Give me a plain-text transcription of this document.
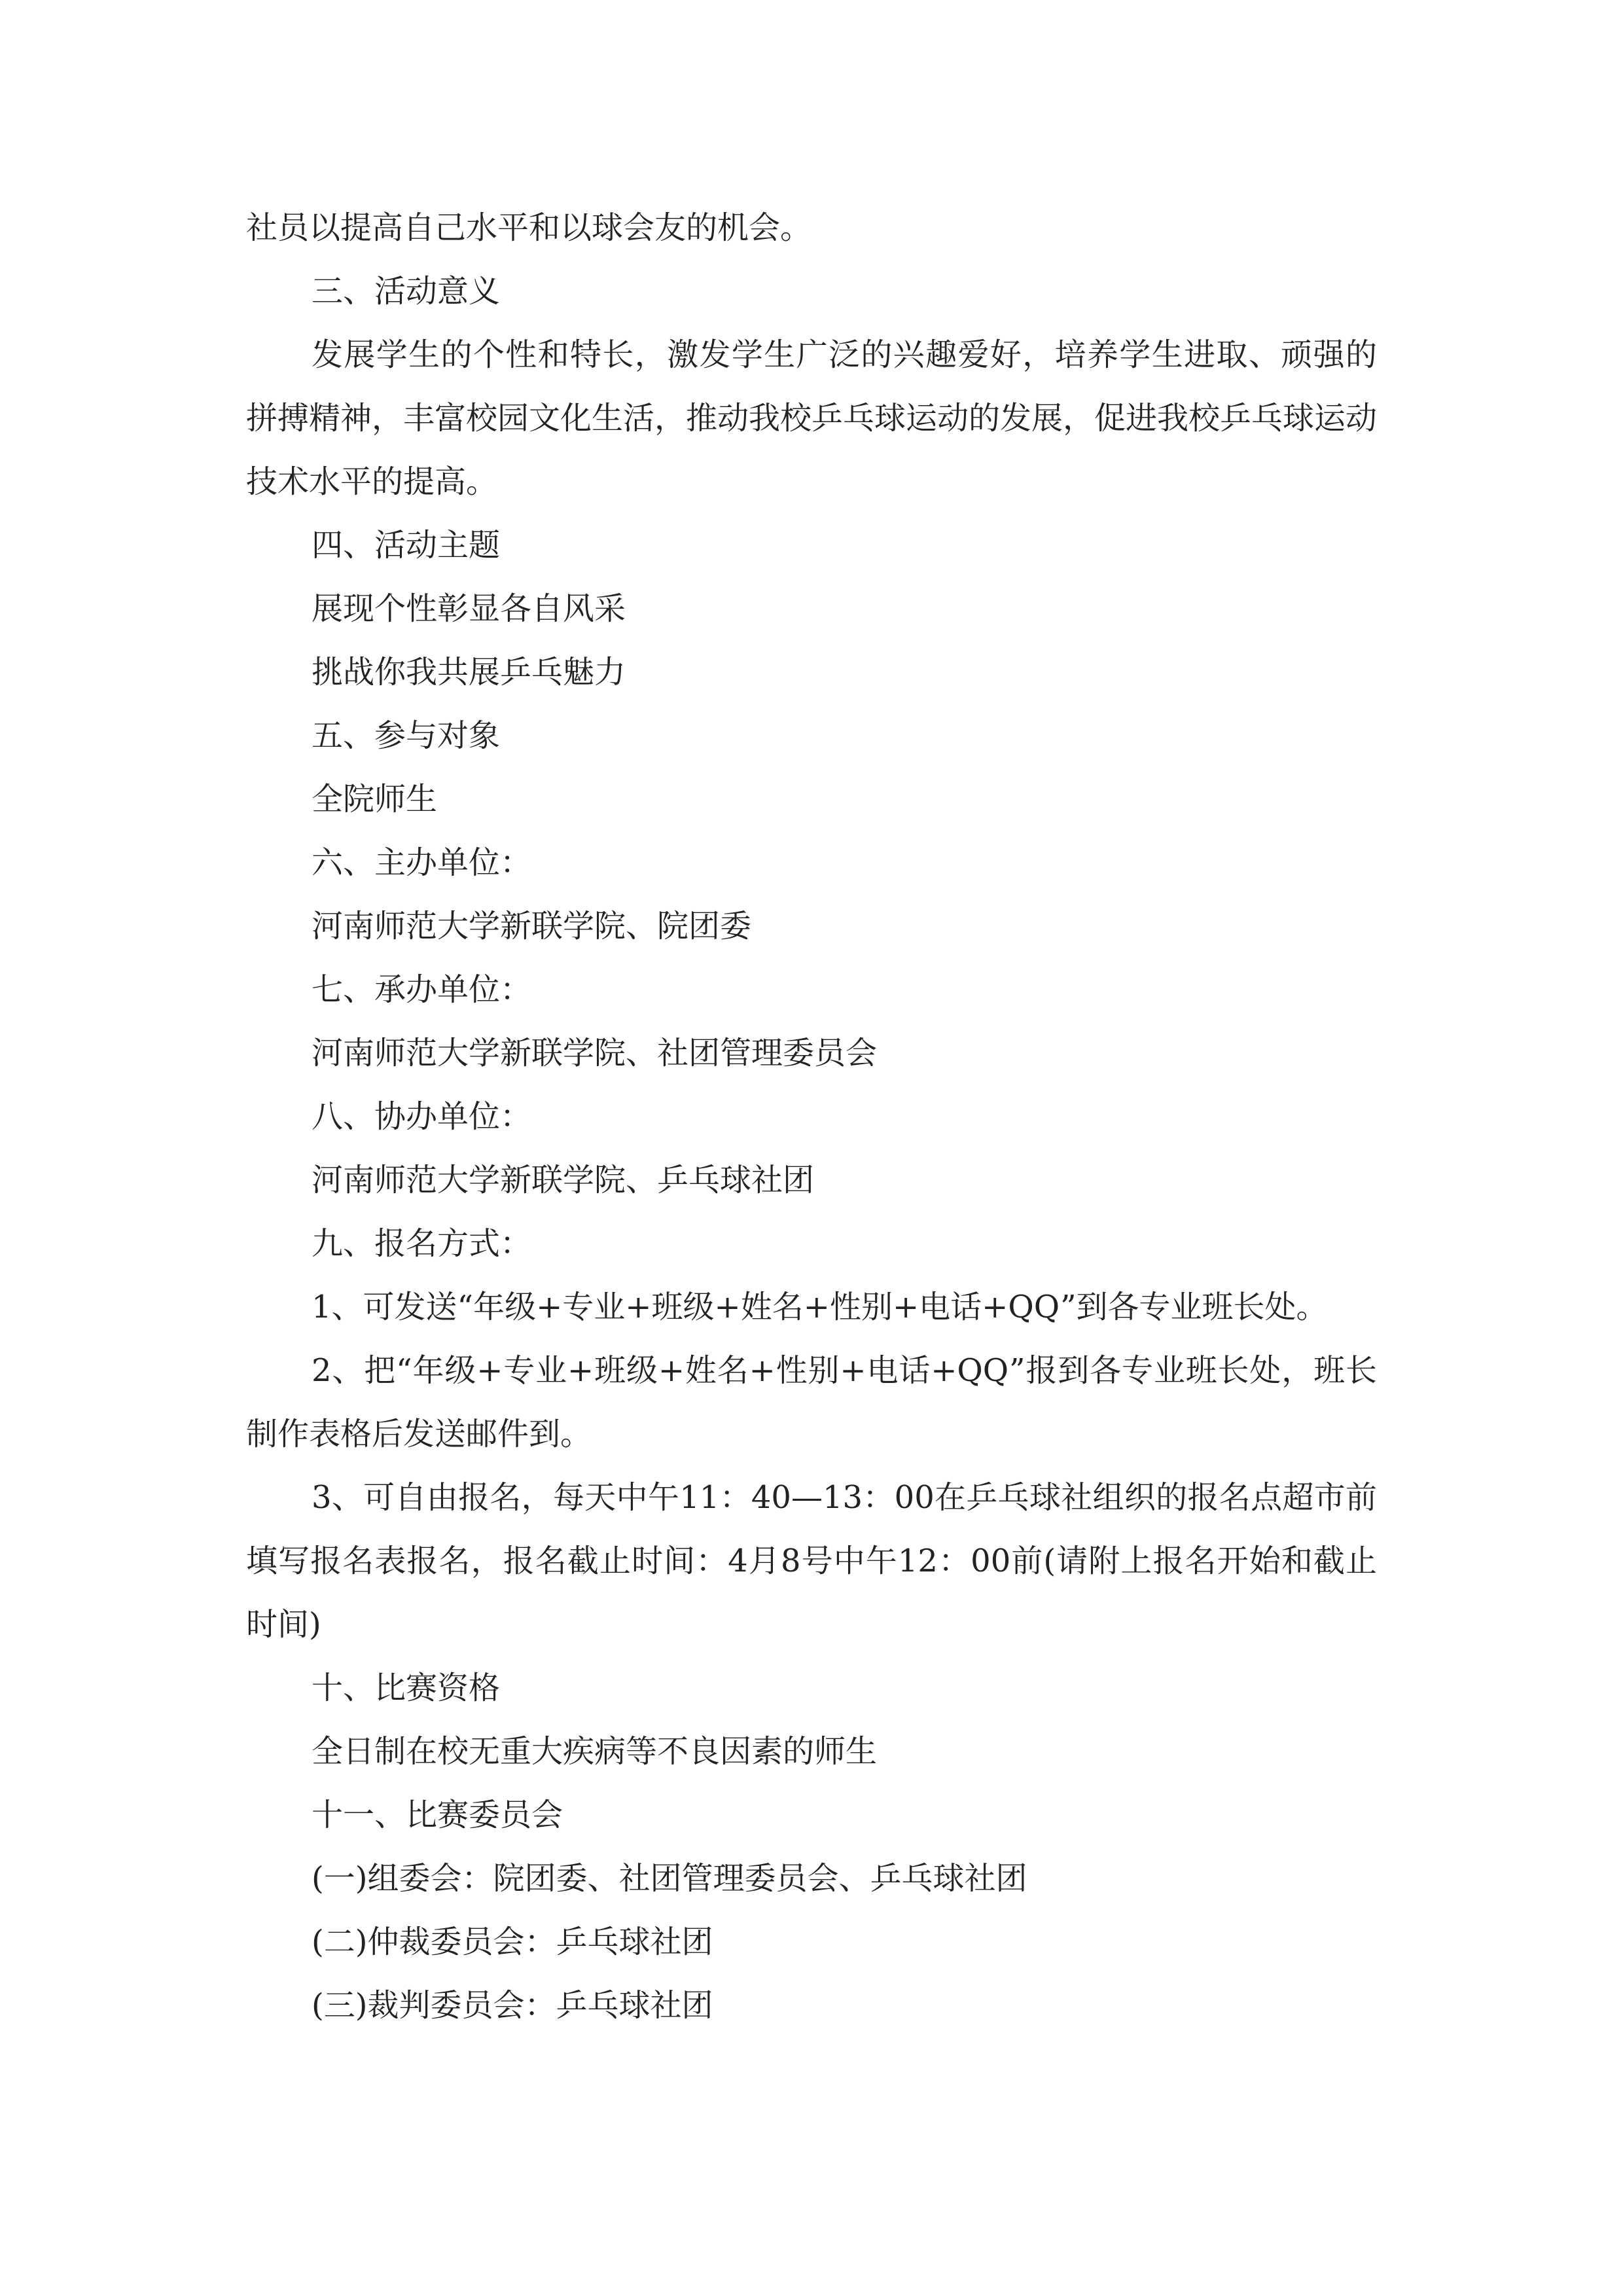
社员以提高自己水平和以球会友的机会。

三、活动意义

发展学生的个性和特长，激发学生广泛的兴趣爱好，培养学生进取、顽强的拼搏精神，丰富校园文化生活，推动我校乒乓球运动的发展，促进我校乒乓球运动技术水平的提高。

四、活动主题

展现个性彰显各自风采

挑战你我共展乒乓魅力

五、参与对象

全院师生

六、主办单位：

河南师范大学新联学院、院团委

七、承办单位：

河南师范大学新联学院、社团管理委员会

八、协办单位：

河南师范大学新联学院、乒乓球社团

九、报名方式：

1、可发送“年级+专业+班级+姓名+性别+电话+QQ”到各专业班长处。

2、把“年级+专业+班级+姓名+性别+电话+QQ”报到各专业班长处，班长制作表格后发送邮件到。

3、可自由报名，每天中午11：40—13：00在乒乓球社组织的报名点超市前填写报名表报名，报名截止时间：4月8号中午12：00前(请附上报名开始和截止时间)

十、比赛资格

全日制在校无重大疾病等不良因素的师生

十一、比赛委员会

(一)组委会：院团委、社团管理委员会、乒乓球社团

(二)仲裁委员会：乒乓球社团

(三)裁判委员会：乒乓球社团
